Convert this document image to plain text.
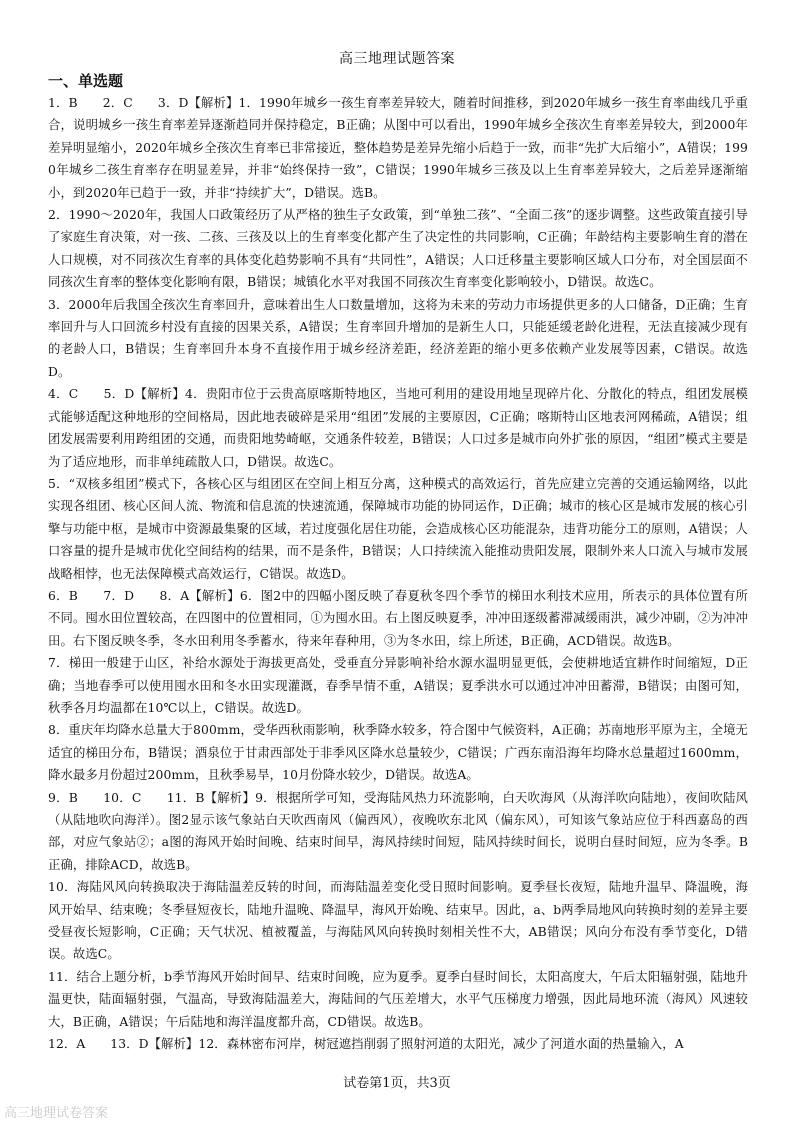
高三地理试题答案
一、单选题

1．B　　2．C　　3．D【解析】1．1990年城乡一孩生育率差异较大，随着时间推移，到2020年城乡一孩生育率曲线几乎重合，说明城乡一孩生育率差异逐渐趋同并保持稳定，B正确；从图中可以看出，1990年城乡全孩次生育率差异较大，到2000年差异明显缩小，2020年城乡全孩次生育率已非常接近，整体趋势是差异先缩小后趋于一致，而非“先扩大后缩小”，A错误；1990年城乡二孩生育率存在明显差异，并非“始终保持一致”，C错误；1990年城乡三孩及以上生育率差异较大，之后差异逐渐缩小，到2020年已趋于一致，并非“持续扩大”，D错误。选B。

2．1990～2020年，我国人口政策经历了从严格的独生子女政策，到“单独二孩”、“全面二孩”的逐步调整。这些政策直接引导了家庭生育决策，对一孩、二孩、三孩及以上的生育率变化都产生了决定性的共同影响，C正确；年龄结构主要影响生育的潜在人口规模，对不同孩次生育率的具体变化趋势影响不具有“共同性”，A错误；人口迁移量主要影响区域人口分布，对全国层面不同孩次生育率的整体变化影响有限，B错误；城镇化水平对我国不同孩次生育率变化影响较小，D错误。故选C。

3．2000年后我国全孩次生育率回升，意味着出生人口数量增加，这将为未来的劳动力市场提供更多的人口储备，D正确；生育率回升与人口回流乡村没有直接的因果关系，A错误；生育率回升增加的是新生人口，只能延缓老龄化进程，无法直接减少现有的老龄人口，B错误；生育率回升本身不直接作用于城乡经济差距，经济差距的缩小更多依赖产业发展等因素，C错误。故选D。

4．C　　5．D【解析】4．贵阳市位于云贵高原喀斯特地区，当地可利用的建设用地呈现碎片化、分散化的特点，组团发展模式能够适配这种地形的空间格局，因此地表破碎是采用“组团”发展的主要原因，C正确；喀斯特山区地表河网稀疏，A错误；组团发展需要利用跨组团的交通，而贵阳地势崎岖，交通条件较差，B错误；人口过多是城市向外扩张的原因，“组团”模式主要是为了适应地形，而非单纯疏散人口，D错误。故选C。

5．“双核多组团”模式下，各核心区与组团区在空间上相互分离，这种模式的高效运行，首先应建立完善的交通运输网络，以此实现各组团、核心区间人流、物流和信息流的快速流通，保障城市功能的协同运作，D正确；城市的核心区是城市发展的核心引擎与功能中枢，是城市中资源最集聚的区域，若过度强化居住功能，会造成核心区功能混杂，违背功能分工的原则，A错误；人口容量的提升是城市优化空间结构的结果，而不是条件，B错误；人口持续流入能推动贵阳发展，限制外来人口流入与城市发展战略相悖，也无法保障模式高效运行，C错误。故选D。

6．B　　7．D　　8．A【解析】6．图2中的四幅小图反映了春夏秋冬四个季节的梯田水利技术应用，所表示的具体位置有所不同。囤水田位置较高，在四图中的位置相同，①为囤水田。右上图反映夏季，冲冲田逐级蓄滞减缓雨洪，减少冲刷，②为冲冲田。右下图反映冬季，冬水田利用冬季蓄水，待来年春种用，③为冬水田，综上所述，B正确，ACD错误。故选B。

7．梯田一般建于山区，补给水源处于海拔更高处，受垂直分异影响补给水源水温明显更低，会使耕地适宜耕作时间缩短，D正确；当地春季可以使用囤水田和冬水田实现灌溉，春季旱情不重，A错误；夏季洪水可以通过冲冲田蓄滞，B错误；由图可知，秋季各月均温都在10℃以上，C错误。故选D。

8．重庆年均降水总量大于800mm，受华西秋雨影响，秋季降水较多，符合图中气候资料，A正确；苏南地形平原为主，全境无适宜的梯田分布，B错误；酒泉位于甘肃西部处于非季风区降水总量较少，C错误；广西东南沿海年均降水总量超过1600mm，降水最多月份超过200mm，且秋季易旱，10月份降水较少，D错误。故选A。

9．B　　10．C　　11．B【解析】9．根据所学可知，受海陆风热力环流影响，白天吹海风（从海洋吹向陆地），夜间吹陆风（从陆地吹向海洋）。图2显示该气象站白天吹西南风（偏西风），夜晚吹东北风（偏东风），可知该气象站应位于科西嘉岛的西部，对应气象站②；a图的海风开始时间晚、结束时间早，海风持续时间短，陆风持续时间长，说明白昼时间短，应为冬季。B正确，排除ACD，故选B。

10．海陆风风向转换取决于海陆温差反转的时间，而海陆温差变化受日照时间影响。夏季昼长夜短，陆地升温早、降温晚，海风开始早、结束晚；冬季昼短夜长，陆地升温晚、降温早，海风开始晚、结束早。因此，a、b两季局地风向转换时刻的差异主要受昼夜长短影响，C正确；天气状况、植被覆盖，与海陆风风向转换时刻相关性不大，AB错误；风向分布没有季节变化，D错误。故选C。

11．结合上题分析，b季节海风开始时间早、结束时间晚，应为夏季。夏季白昼时间长，太阳高度大，午后太阳辐射强，陆地升温更快，陆面辐射强，气温高，导致海陆温差大，海陆间的气压差增大，水平气压梯度力增强，因此局地环流（海风）风速较大，B正确，A错误；午后陆地和海洋温度都升高，CD错误。故选B。

12．A　　13．D【解析】12．森林密布河岸，树冠遮挡削弱了照射河道的太阳光，减少了河道水面的热量输入，A

试卷第1页，共3页
高三地理试卷答案
